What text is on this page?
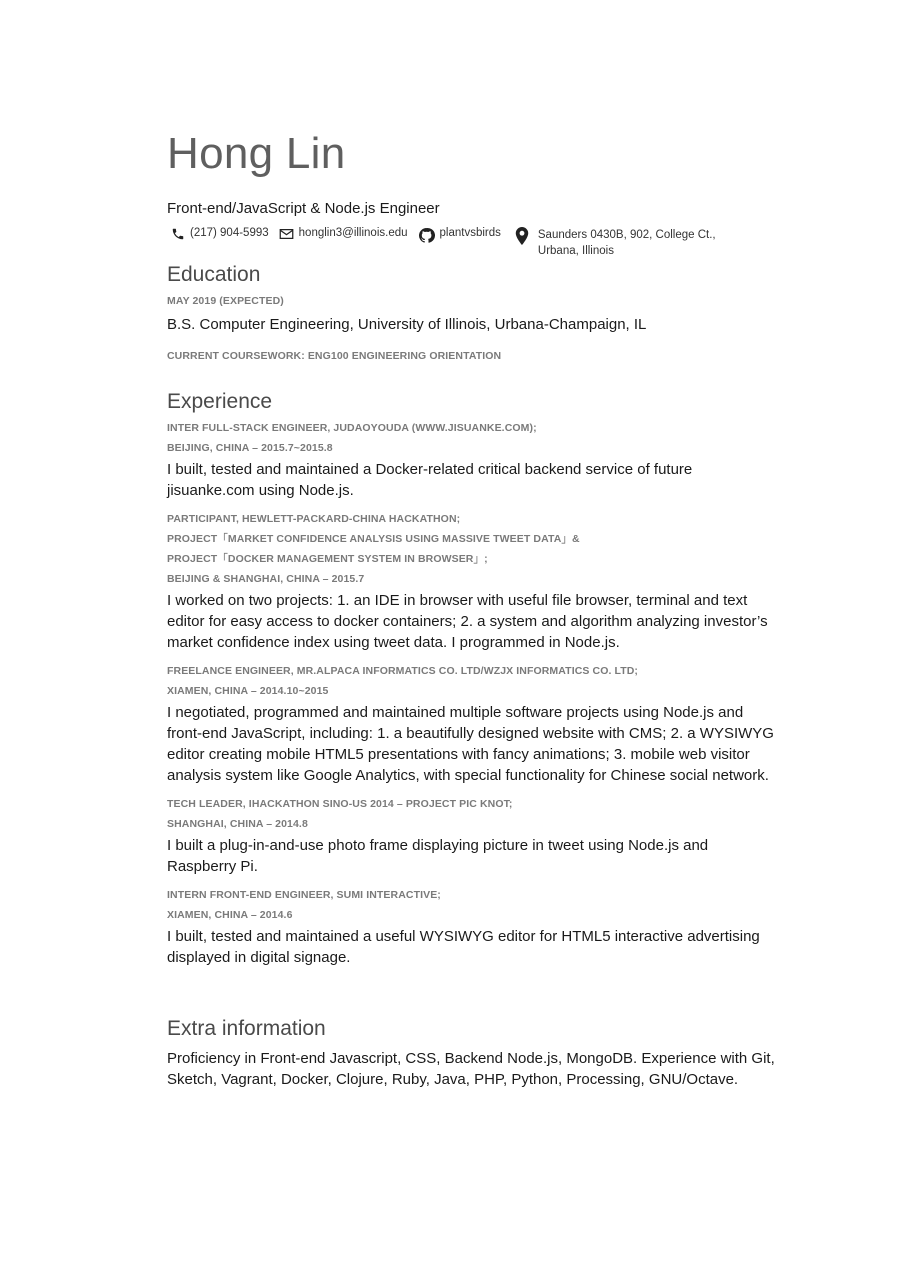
Hong Lin
Front-end/JavaScript & Node.js Engineer
(217) 904-5993	honglin3@illinois.edu	plantvsbirds	Saunders 0430B, 902, College Ct., Urbana, Illinois
Education
MAY 2019 (EXPECTED)
B.S. Computer Engineering, University of Illinois, Urbana-Champaign, IL
CURRENT COURSEWORK: ENG100 ENGINEERING ORIENTATION
Experience
INTER FULL-STACK ENGINEER, JUDAOYOUDA (WWW.JISUANKE.COM);
BEIJING, CHINA – 2015.7~2015.8
I built, tested and maintained a Docker-related critical backend service of future jisuanke.com using Node.js.
PARTICIPANT, HEWLETT-PACKARD-CHINA HACKATHON;
PROJECT「MARKET CONFIDENCE ANALYSIS USING MASSIVE TWEET DATA」&
PROJECT「DOCKER MANAGEMENT SYSTEM IN BROWSER」;
BEIJING & SHANGHAI, CHINA – 2015.7
I worked on two projects: 1. an IDE in browser with useful file browser, terminal and text editor for easy access to docker containers; 2. a system and algorithm analyzing investor’s market confidence index using tweet data. I programmed in Node.js.
FREELANCE ENGINEER, MR.ALPACA INFORMATICS CO. LTD/WZJX INFORMATICS CO. LTD;
XIAMEN, CHINA – 2014.10~2015
I negotiated, programmed and maintained multiple software projects using Node.js and front-end JavaScript, including: 1. a beautifully designed website with CMS; 2. a WYSIWYG editor creating mobile HTML5 presentations with fancy animations; 3. mobile web visitor analysis system like Google Analytics, with special functionality for Chinese social network.
TECH LEADER, IHACKATHON SINO-US 2014 – PROJECT PIC KNOT;
SHANGHAI, CHINA – 2014.8
I built a plug-in-and-use photo frame displaying picture in tweet using Node.js and Raspberry Pi.
INTERN FRONT-END ENGINEER, SUMI INTERACTIVE;
XIAMEN, CHINA – 2014.6
I built, tested and maintained a useful WYSIWYG editor for HTML5 interactive advertising displayed in digital signage.
Extra information
Proficiency in Front-end Javascript, CSS, Backend Node.js, MongoDB. Experience with Git, Sketch, Vagrant, Docker, Clojure, Ruby, Java, PHP, Python, Processing, GNU/Octave.
